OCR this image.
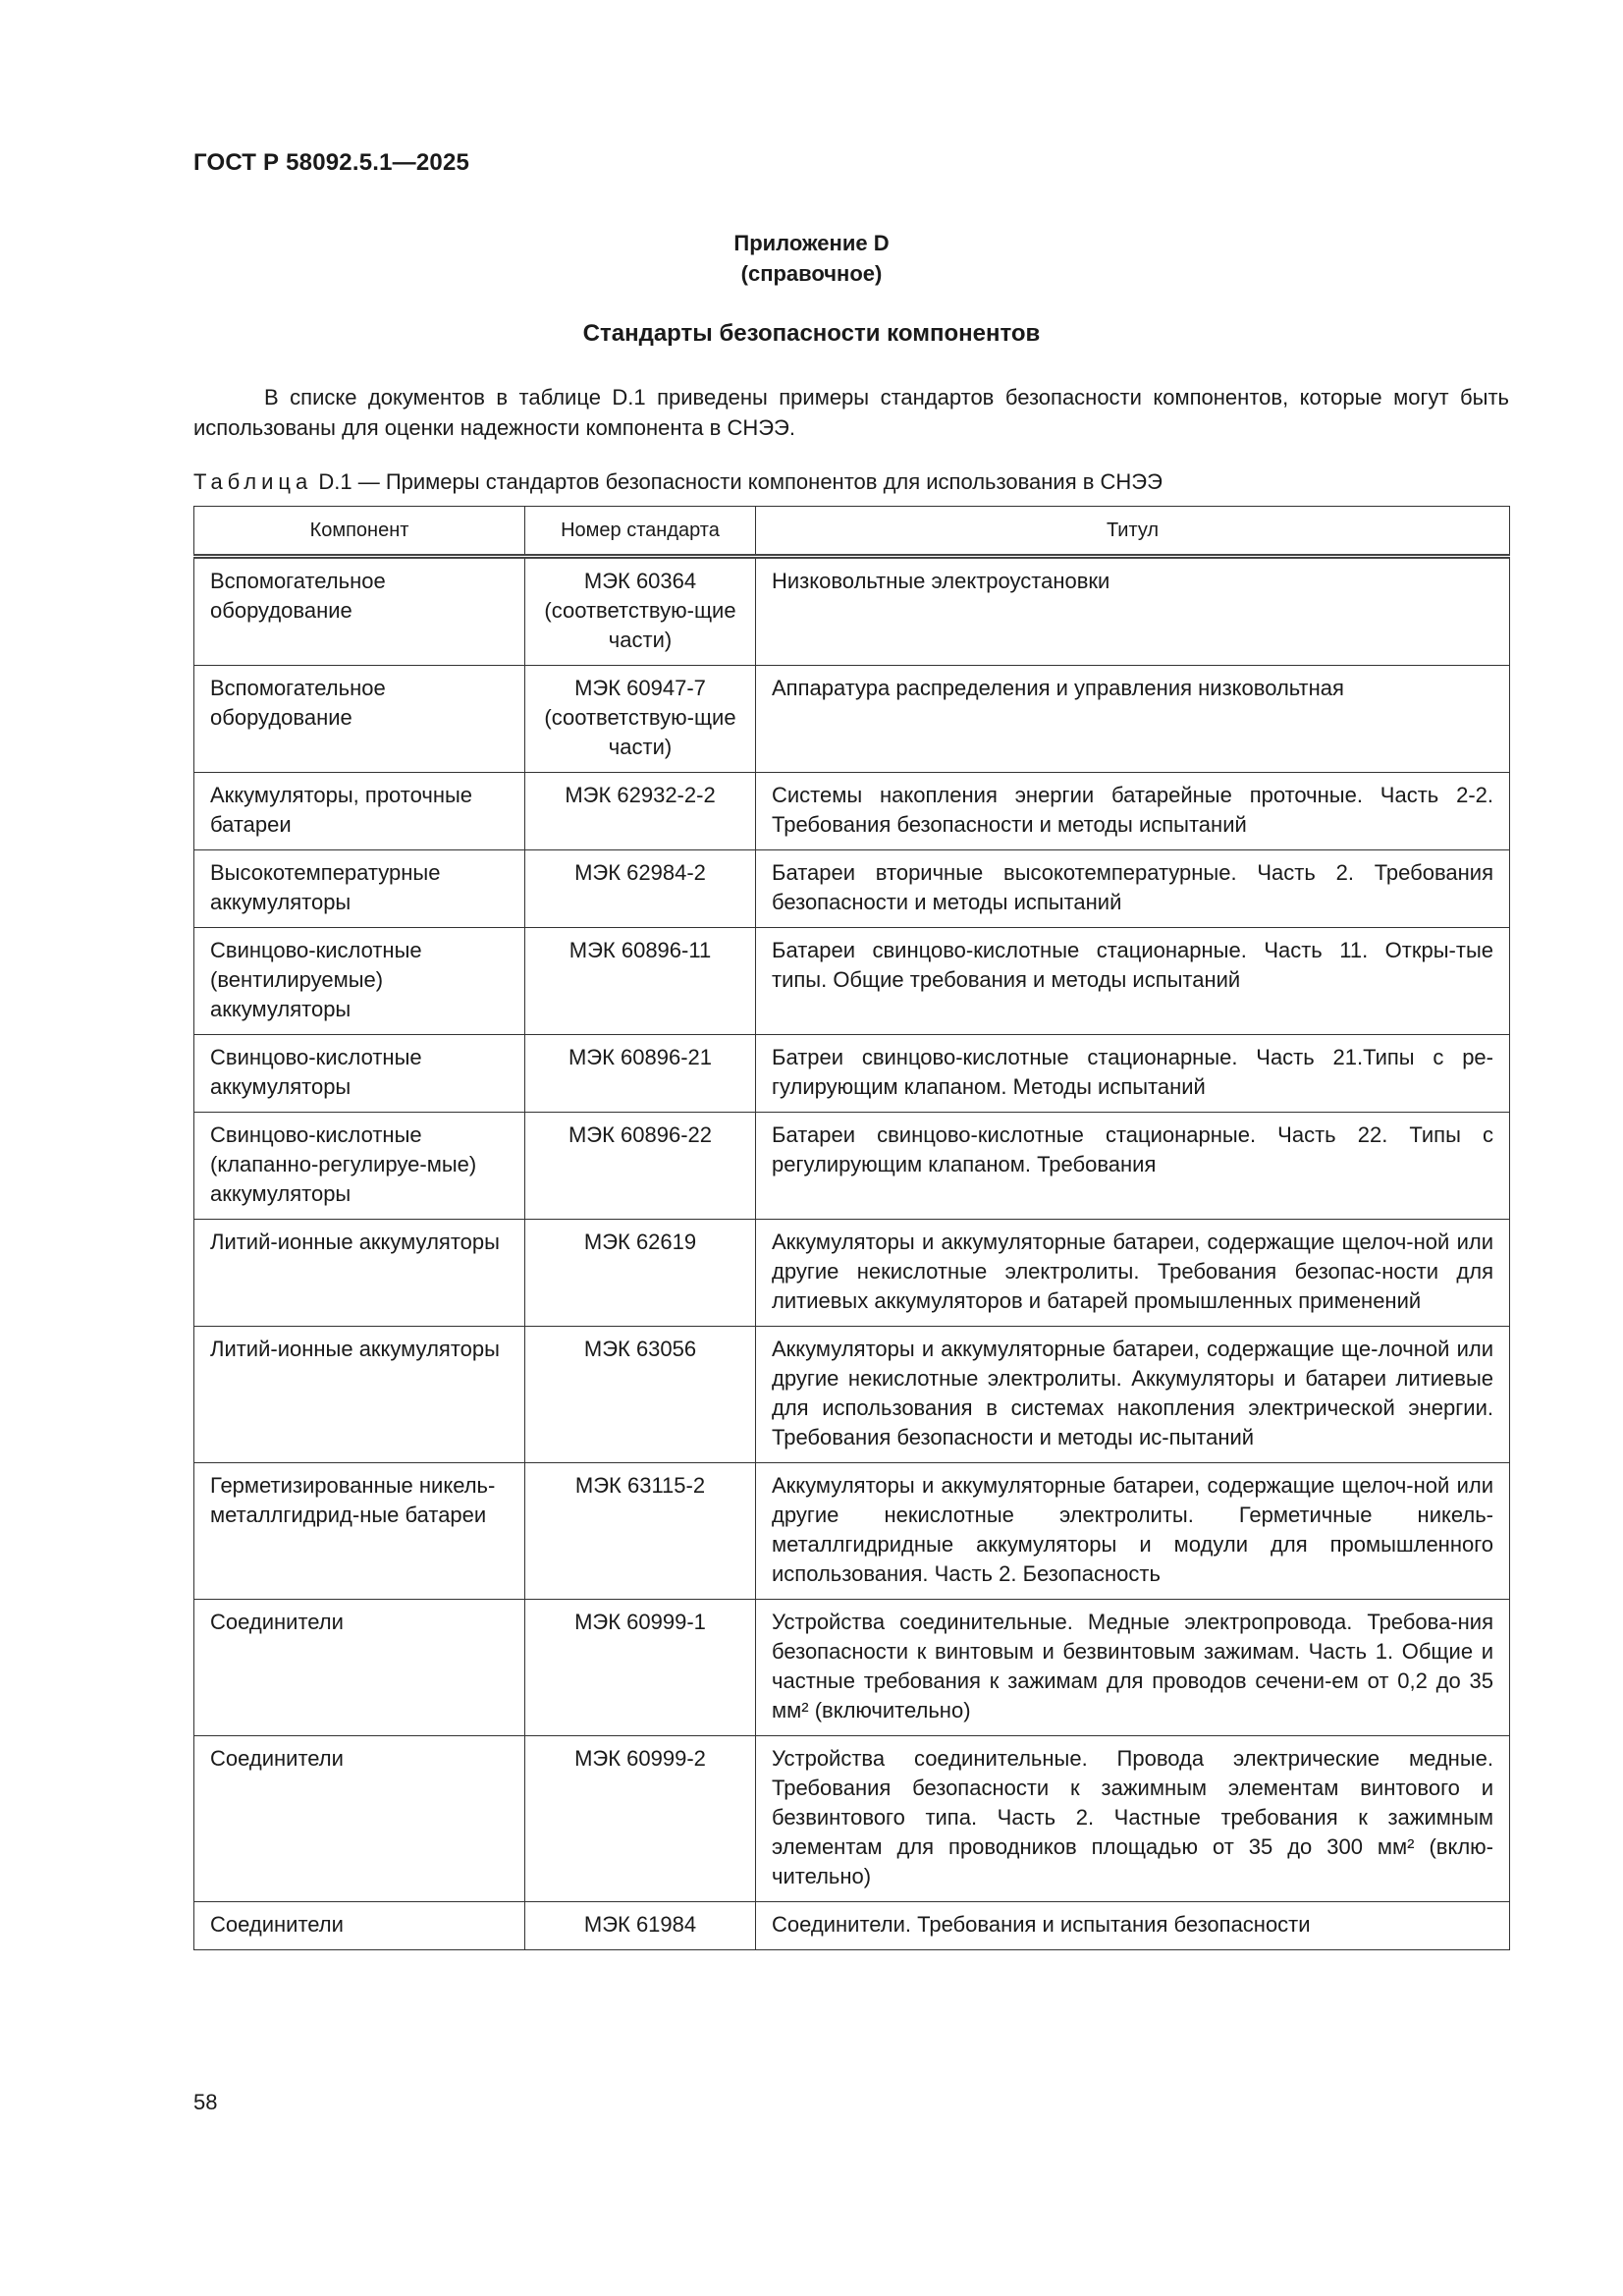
ГОСТ Р 58092.5.1—2025
Приложение D
(справочное)
Стандарты безопасности компонентов

В списке документов в таблице D.1 приведены примеры стандартов безопасности компонентов, которые могут быть использованы для оценки надежности компонента в СНЭЭ.

Таблица D.1 — Примеры стандартов безопасности компонентов для использования в СНЭЭ
Компонент	Номер стандарта	Титул
Вспомогательное оборудование	МЭК 60364 (соответствую-щие части)	Низковольтные электроустановки
Вспомогательное оборудование	МЭК 60947-7 (соответствую-щие части)	Аппаратура распределения и управления низковольтная
Аккумуляторы, проточные батареи	МЭК 62932-2-2	Системы накопления энергии батарейные проточные. Часть 2-2. Требования безопасности и методы испытаний
Высокотемпературные аккумуляторы	МЭК 62984-2	Батареи вторичные высокотемпературные. Часть 2. Требования безопасности и методы испытаний
Свинцово-кислотные (вентилируемые) аккумуляторы	МЭК 60896-11	Батареи свинцово-кислотные стационарные. Часть 11. Откры-тые типы. Общие требования и методы испытаний
Свинцово-кислотные аккумуляторы	МЭК 60896-21	Батреи свинцово-кислотные стационарные. Часть 21.Типы с ре-гулирующим клапаном. Методы испытаний
Свинцово-кислотные (клапанно-регулируе-мые) аккумуляторы	МЭК 60896-22	Батареи свинцово-кислотные стационарные. Часть 22. Типы с регулирующим клапаном. Требования
Литий-ионные аккумуляторы	МЭК 62619	Аккумуляторы и аккумуляторные батареи, содержащие щелоч-ной или другие некислотные электролиты. Требования безопас-ности для литиевых аккумуляторов и батарей промышленных применений
Литий-ионные аккумуляторы	МЭК 63056	Аккумуляторы и аккумуляторные батареи, содержащие ще-лочной или другие некислотные электролиты. Аккумуляторы и батареи литиевые для использования в системах накопления электрической энергии. Требования безопасности и методы ис-пытаний
Герметизированные никель-металлгидрид-ные батареи	МЭК 63115-2	Аккумуляторы и аккумуляторные батареи, содержащие щелоч-ной или другие некислотные электролиты. Герметичные никель-металлгидридные аккумуляторы и модули для промышленного использования. Часть 2. Безопасность
Соединители	МЭК 60999-1	Устройства соединительные. Медные электропровода. Требова-ния безопасности к винтовым и безвинтовым зажимам. Часть 1. Общие и частные требования к зажимам для проводов сечени-ем от 0,2 до 35 мм² (включительно)
Соединители	МЭК 60999-2	Устройства соединительные. Провода электрические медные. Требования безопасности к зажимным элементам винтового и безвинтового типа. Часть 2. Частные требования к зажимным элементам для проводников площадью от 35 до 300 мм² (вклю-чительно)
Соединители	МЭК 61984	Соединители. Требования и испытания безопасности
58
